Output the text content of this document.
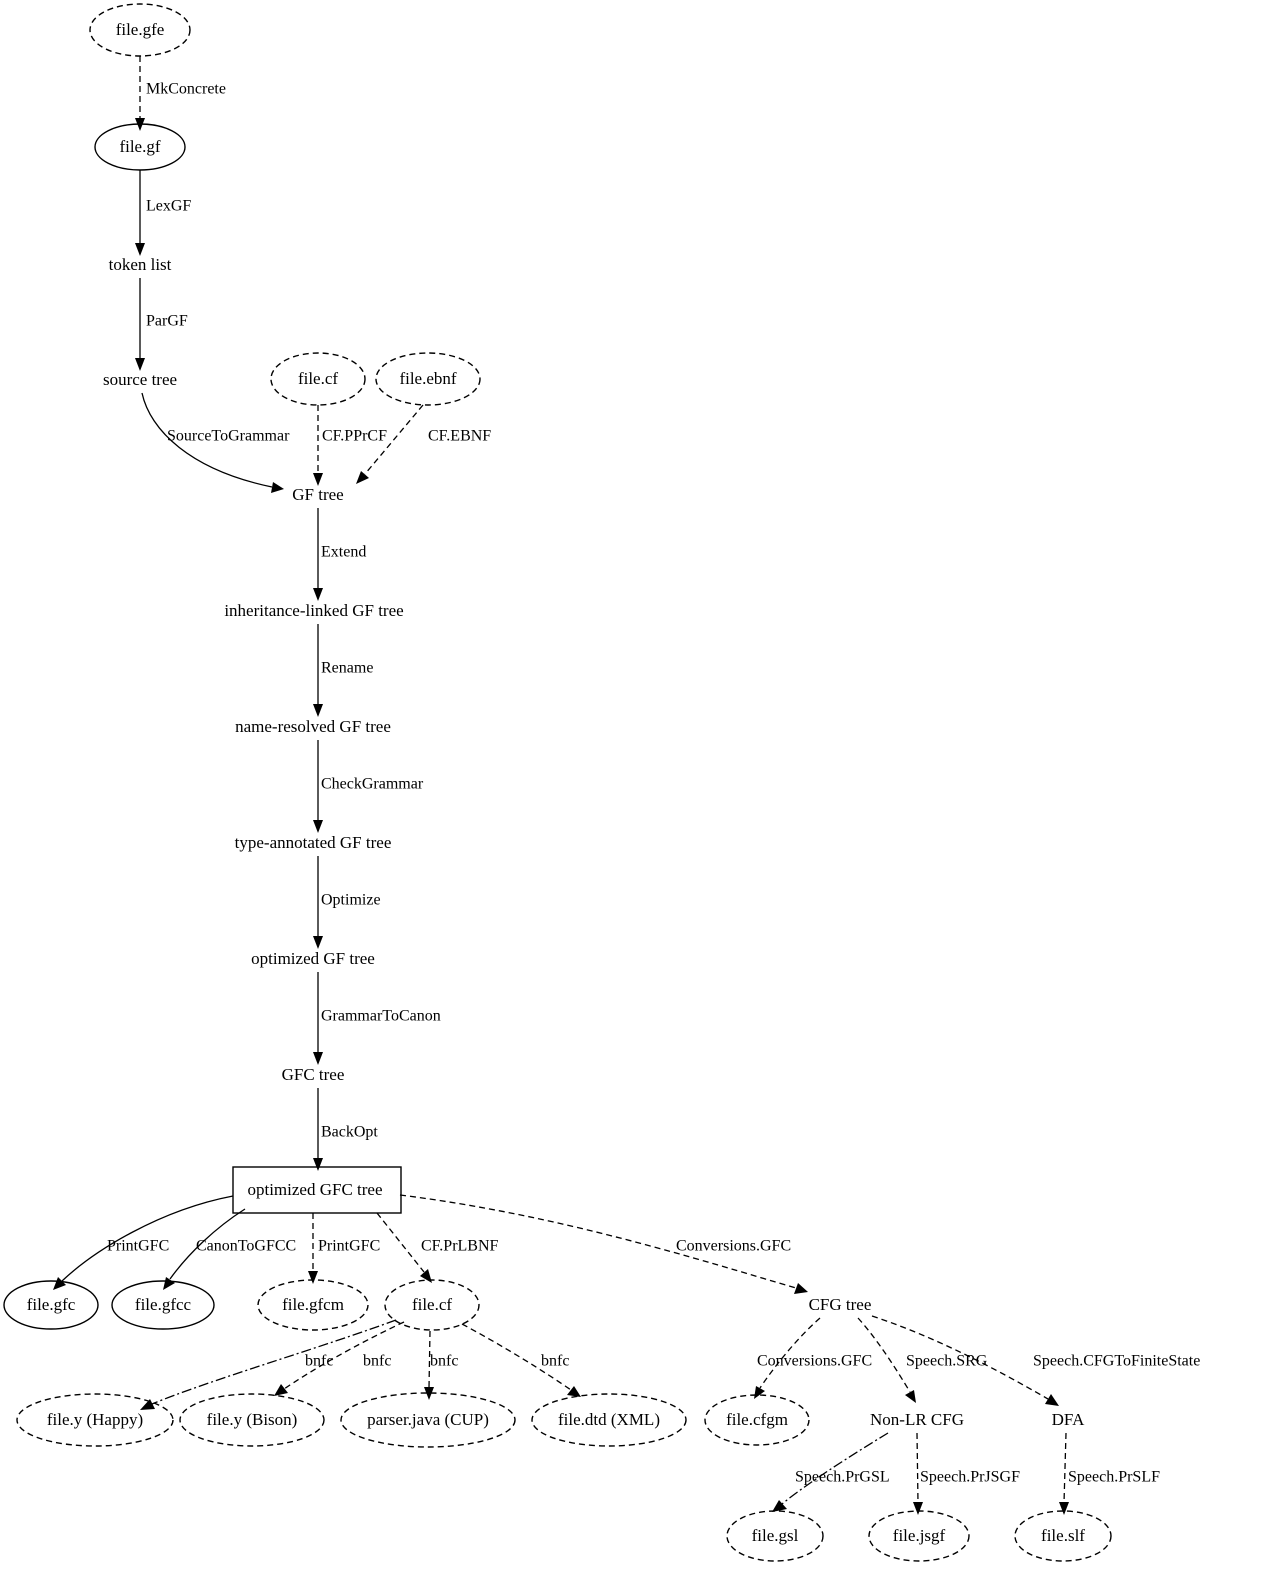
file.gfe
file.gf
token list
source tree	file.cf	file.ebnf
GF tree
inheritance-linked GF tree
name-resolved GF tree
type-annotated GF tree
optimized GF tree
GFC tree
optimized GFC tree
file.gfc	file.gfcc	file.gfcm	file.cf	CFG tree
file.y (Happy)	file.y (Bison)	parser.java (CUP)	file.dtd (XML)	file.cfgm	Non-LR CFG	DFA
file.gsl	file.jsgf	file.slf
MkConcrete
LexGF
ParGF
SourceToGrammar CF.PPrCF	CF.EBNF
Extend
Rename
CheckGrammar
Optimize
GrammarToCanon
BackOpt
PrintGFC CanonToGFCC PrintGFC	CF.PrLBNF	Conversions.GFC
bnfc bnfc bnfc	bnfc	Conversions.GFC Speech.SRG	Speech.CFGToFiniteState
Speech.PrGSL Speech.PrJSGF	Speech.PrSLF
